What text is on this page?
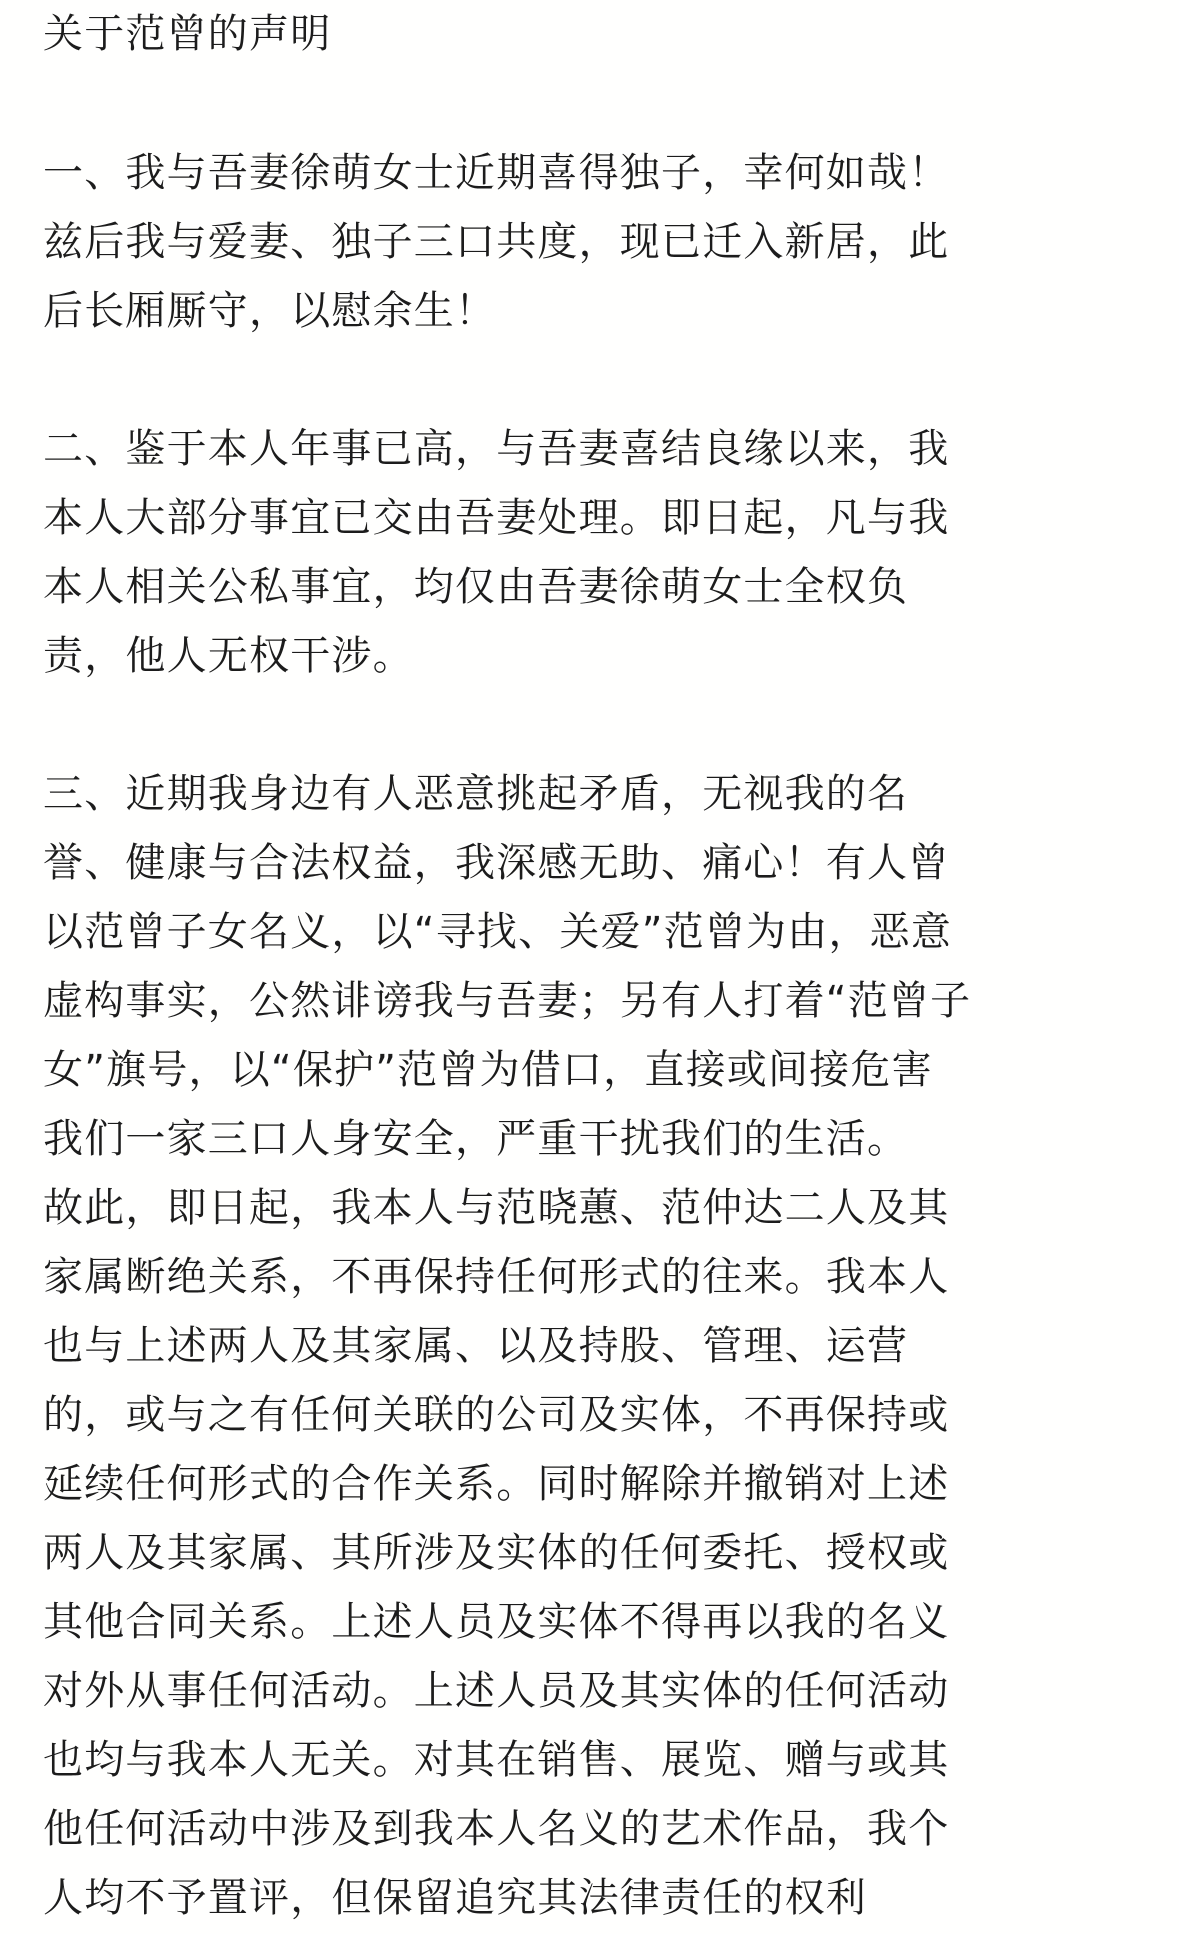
关于范曾的声明
一、我与吾妻徐萌女士近期喜得独子，幸何如哉！
兹后我与爱妻、独子三口共度，现已迁入新居，此
后长厢厮守，以慰余生！
二、鉴于本人年事已高，与吾妻喜结良缘以来，我
本人大部分事宜已交由吾妻处理。即日起，凡与我
本人相关公私事宜，均仅由吾妻徐萌女士全权负
责，他人无权干涉。
三、近期我身边有人恶意挑起矛盾，无视我的名
誉、健康与合法权益，我深感无助、痛心！有人曾
以范曾子女名义，以“寻找、关爱”范曾为由，恶意
虚构事实，公然诽谤我与吾妻；另有人打着“范曾子
女”旗号，以“保护”范曾为借口，直接或间接危害
我们一家三口人身安全，严重干扰我们的生活。
故此，即日起，我本人与范晓蕙、范仲达二人及其
家属断绝关系，不再保持任何形式的往来。我本人
也与上述两人及其家属、以及持股、管理、运营
的，或与之有任何关联的公司及实体，不再保持或
延续任何形式的合作关系。同时解除并撤销对上述
两人及其家属、其所涉及实体的任何委托、授权或
其他合同关系。上述人员及实体不得再以我的名义
对外从事任何活动。上述人员及其实体的任何活动
也均与我本人无关。对其在销售、展览、赠与或其
他任何活动中涉及到我本人名义的艺术作品，我个
人均不予置评，但保留追究其法律责任的权利
